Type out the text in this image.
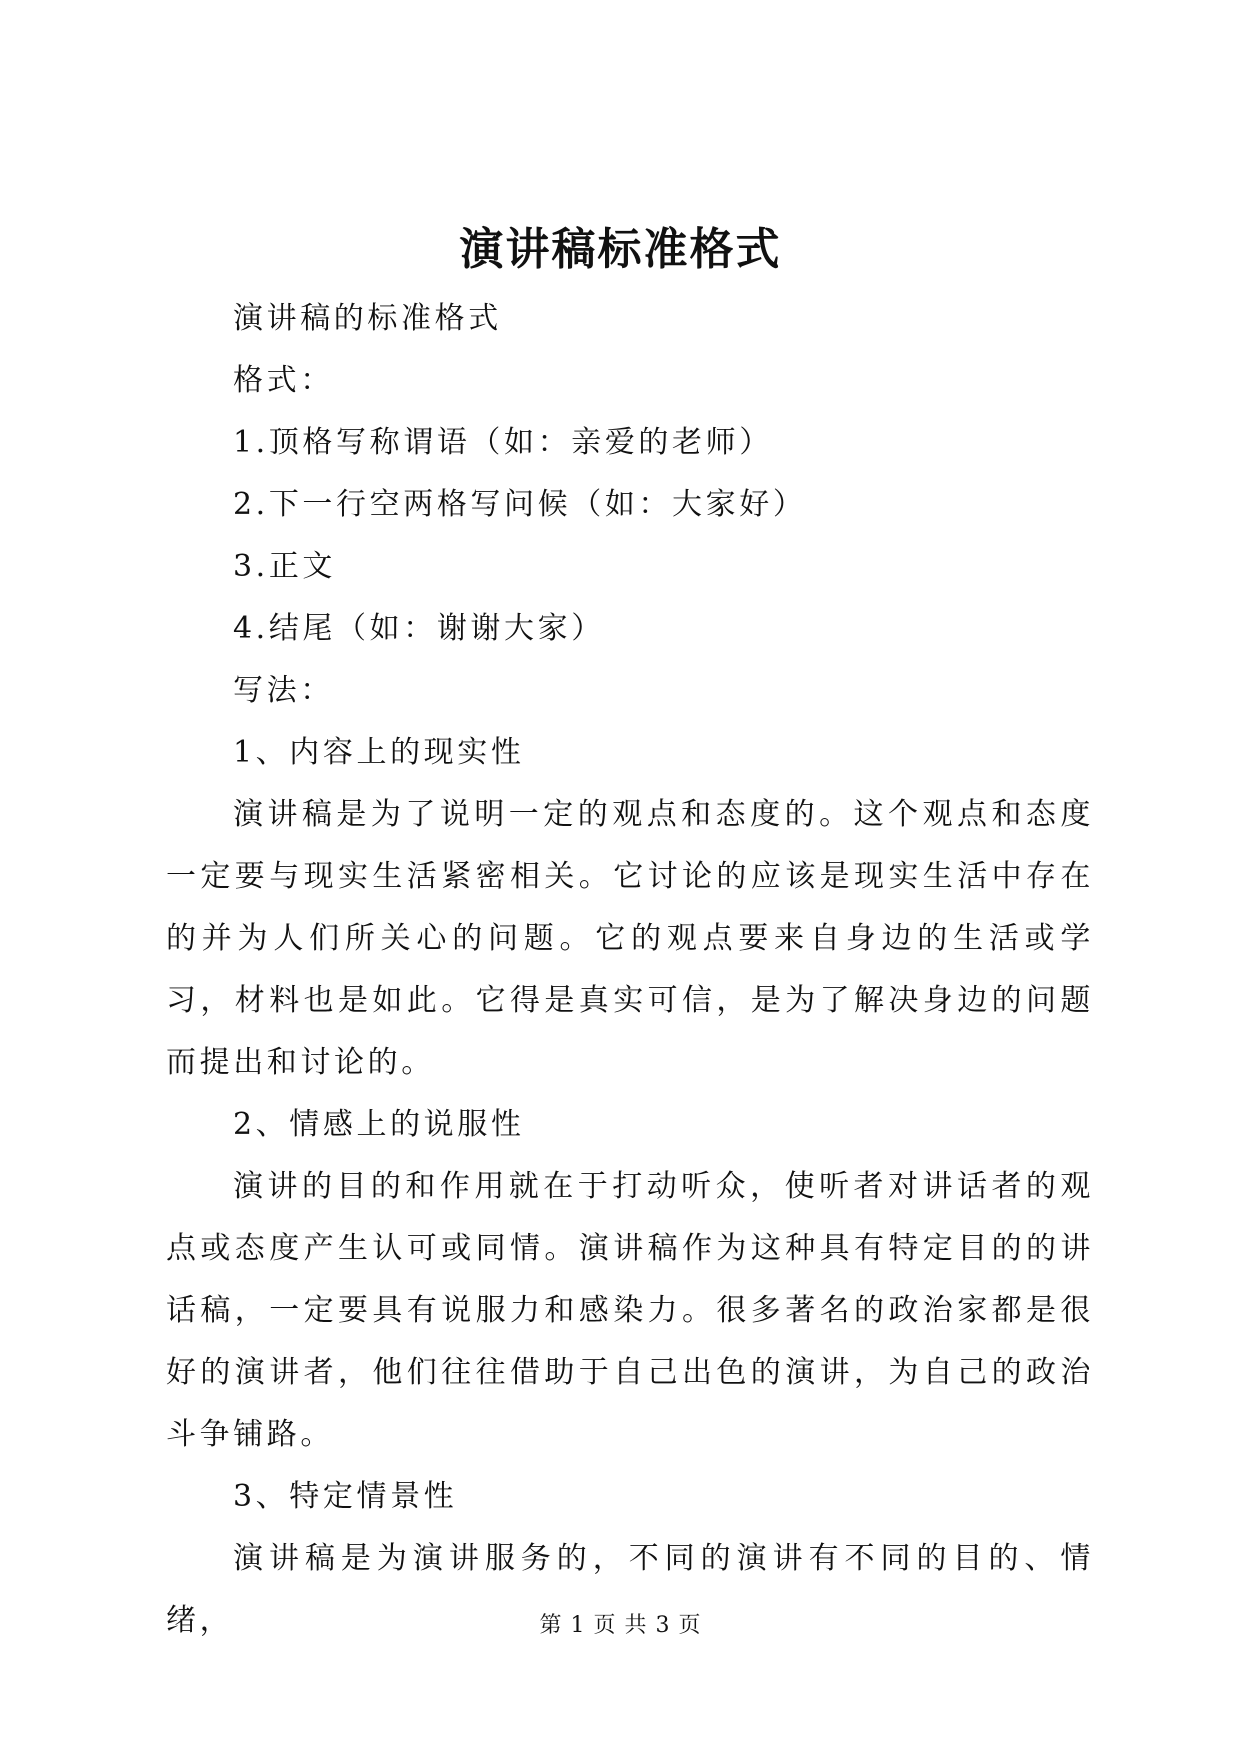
演讲稿标准格式

演讲稿的标准格式

格式：

1.顶格写称谓语（如：亲爱的老师）

2.下一行空两格写问候（如：大家好）

3.正文

4.结尾（如：谢谢大家）

写法：

1、内容上的现实性

演讲稿是为了说明一定的观点和态度的。这个观点和态度一定要与现实生活紧密相关。它讨论的应该是现实生活中存在的并为人们所关心的问题。它的观点要来自身边的生活或学习，材料也是如此。它得是真实可信，是为了解决身边的问题而提出和讨论的。

2、情感上的说服性

演讲的目的和作用就在于打动听众，使听者对讲话者的观点或态度产生认可或同情。演讲稿作为这种具有特定目的的讲话稿，一定要具有说服力和感染力。很多著名的政治家都是很好的演讲者，他们往往借助于自己出色的演讲，为自己的政治斗争铺路。

3、特定情景性

演讲稿是为演讲服务的，不同的演讲有不同的目的、情绪，	第 1 页 共 3 页
